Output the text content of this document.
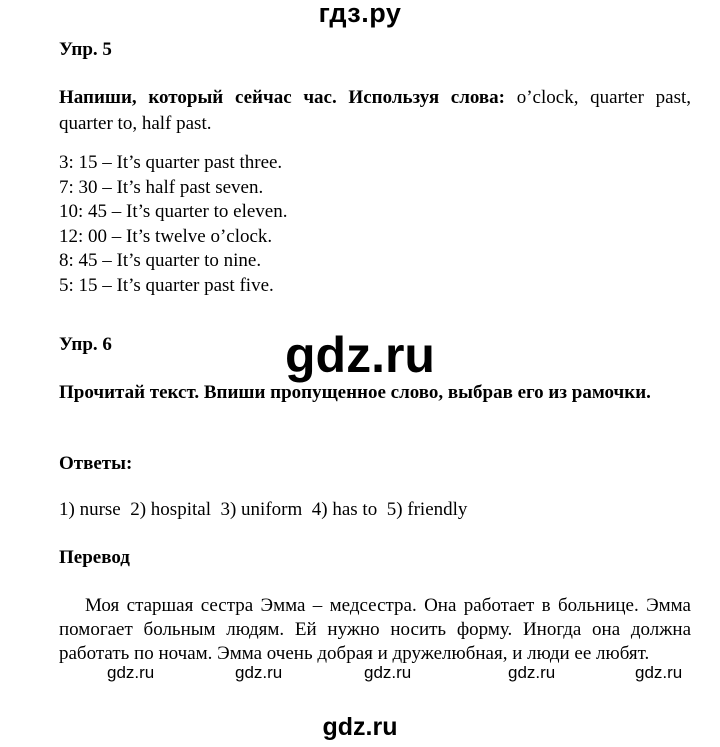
гдз.ру
Упр. 5
Напиши, который сейчас час. Используя слова: o’clock, quarter past, quarter to, half past.
3: 15 – It’s quarter past three.
7: 30 – It’s half past seven.
10: 45 – It’s quarter to eleven.
12: 00 – It’s twelve o’clock.
8: 45 – It’s quarter to nine.
5: 15 – It’s quarter past five.
Упр. 6	gdz.ru
Прочитай текст. Впиши пропущенное слово, выбрав его из рамочки.
Ответы:
1) nurse  2) hospital  3) uniform  4) has to  5) friendly
Перевод
Моя старшая сестра Эмма – медсестра. Она работает в больнице. Эмма помогает больным людям. Ей нужно носить форму. Иногда она должна работать по ночам. Эмма очень добрая и дружелюбная, и люди ее любят.
gdz.ru	gdz.ru	gdz.ru	gdz.ru	gdz.ru
gdz.ru
